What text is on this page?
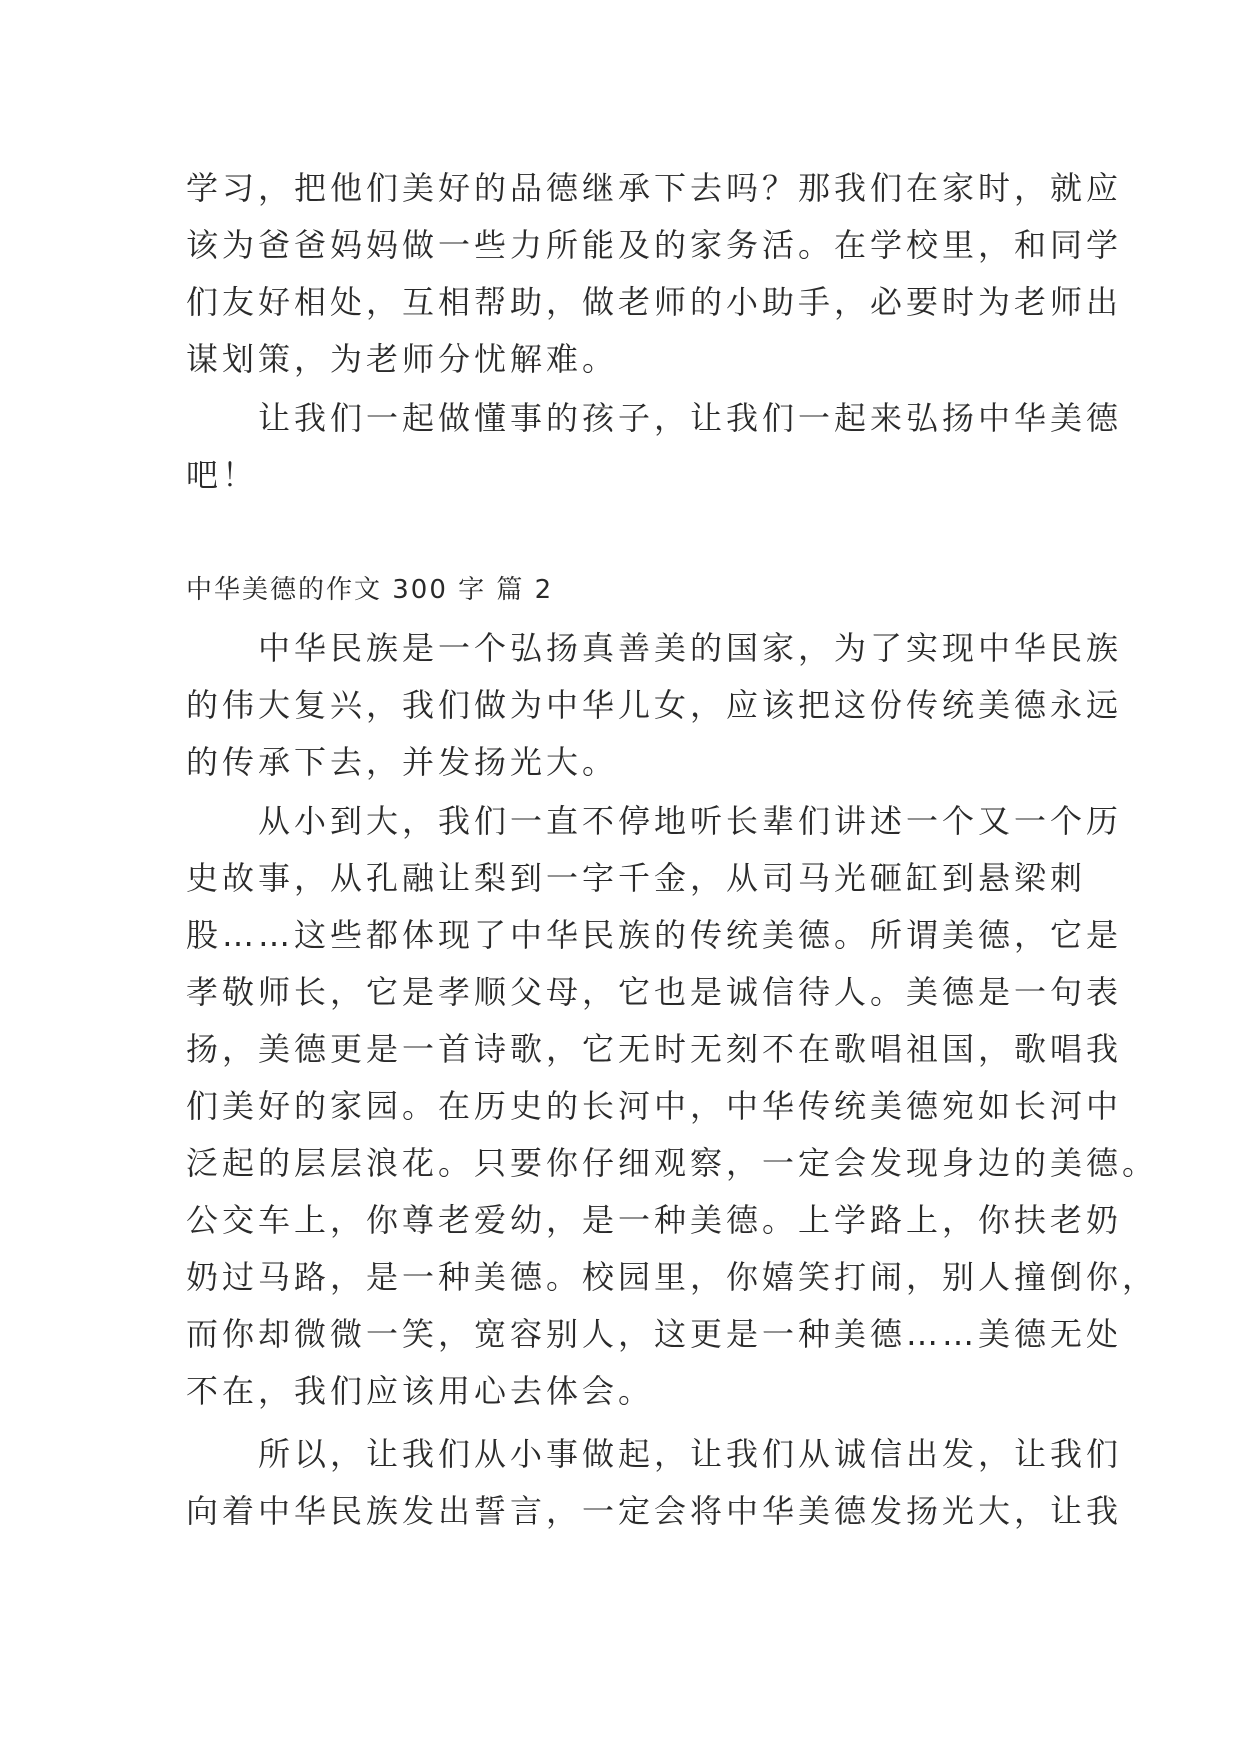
学习，把他们美好的品德继承下去吗？那我们在家时，就应
该为爸爸妈妈做一些力所能及的家务活。在学校里，和同学
们友好相处，互相帮助，做老师的小助手，必要时为老师出
谋划策，为老师分忧解难。
让我们一起做懂事的孩子，让我们一起来弘扬中华美德
吧！
中华美德的作文 300 字 篇 2
中华民族是一个弘扬真善美的国家，为了实现中华民族
的伟大复兴，我们做为中华儿女，应该把这份传统美德永远
的传承下去，并发扬光大。
从小到大，我们一直不停地听长辈们讲述一个又一个历
史故事，从孔融让梨到一字千金，从司马光砸缸到悬梁刺
股……这些都体现了中华民族的传统美德。所谓美德，它是
孝敬师长，它是孝顺父母，它也是诚信待人。美德是一句表
扬，美德更是一首诗歌，它无时无刻不在歌唱祖国，歌唱我
们美好的家园。在历史的长河中，中华传统美德宛如长河中
泛起的层层浪花。只要你仔细观察，一定会发现身边的美德。
公交车上，你尊老爱幼，是一种美德。上学路上，你扶老奶
奶过马路，是一种美德。校园里，你嬉笑打闹，别人撞倒你，
而你却微微一笑，宽容别人，这更是一种美德……美德无处
不在，我们应该用心去体会。
所以，让我们从小事做起，让我们从诚信出发，让我们
向着中华民族发出誓言，一定会将中华美德发扬光大，让我
